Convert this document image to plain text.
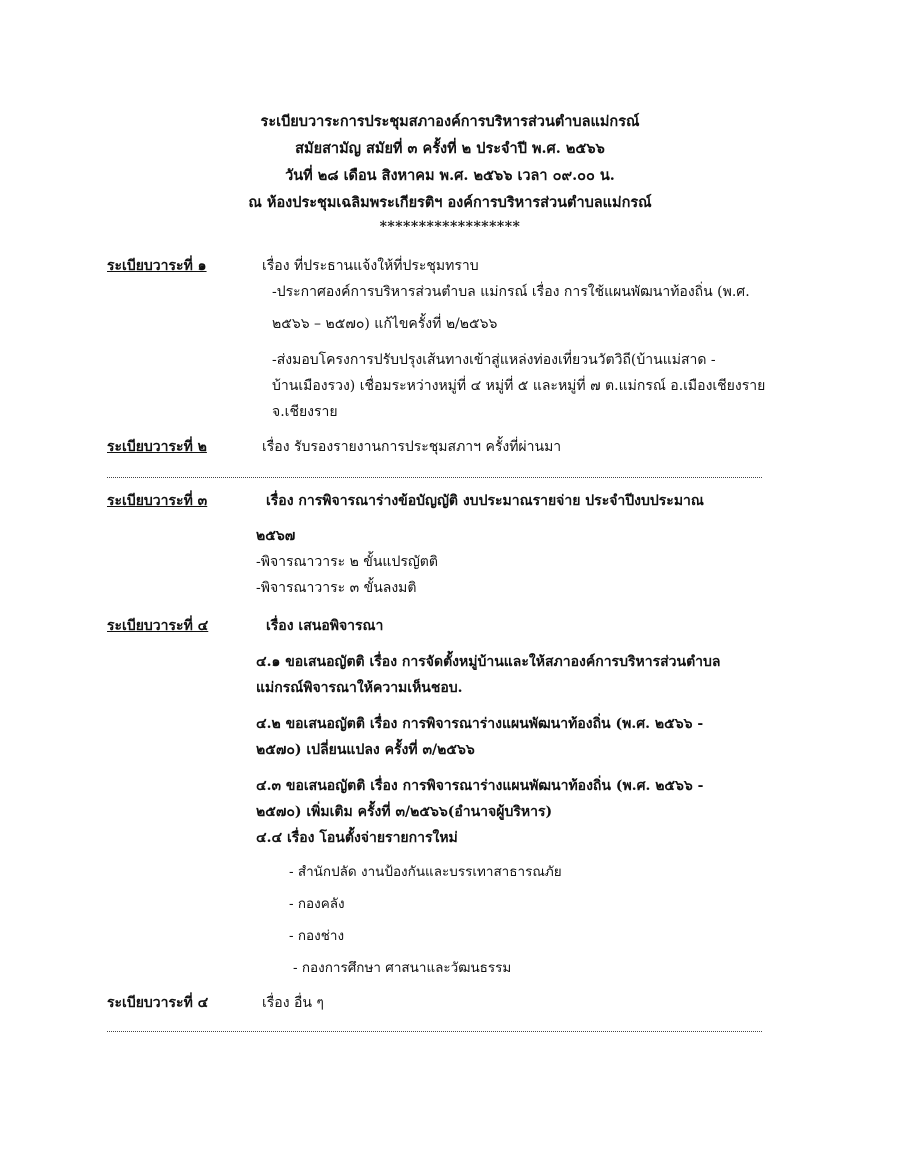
ระเบียบวาระการประชุมสภาองค์การบริหารส่วนตำบลแม่กรณ์
สมัยสามัญ สมัยที่ ๓ ครั้งที่ ๒ ประจำปี พ.ศ. ๒๕๖๖
วันที่ ๒๘ เดือน สิงหาคม พ.ศ. ๒๕๖๖ เวลา ๐๙.๐๐ น.
ณ ห้องประชุมเฉลิมพระเกียรติฯ องค์การบริหารส่วนตำบลแม่กรณ์
******************
ระเบียบวาระที่ ๑	เรื่อง ที่ประธานแจ้งให้ที่ประชุมทราบ
-ประกาศองค์การบริหารส่วนตำบล แม่กรณ์ เรื่อง การใช้แผนพัฒนาท้องถิ่น (พ.ศ.
๒๕๖๖ – ๒๕๗๐) แก้ไขครั้งที่ ๒/๒๕๖๖
-ส่งมอบโครงการปรับปรุงเส้นทางเข้าสู่แหล่งท่องเที่ยวนวัตวิถี(บ้านแม่สาด -
บ้านเมืองรวง) เชื่อมระหว่างหมู่ที่ ๔ หมู่ที่ ๕ และหมู่ที่ ๗ ต.แม่กรณ์ อ.เมืองเชียงราย
จ.เชียงราย
ระเบียบวาระที่ ๒	เรื่อง รับรองรายงานการประชุมสภาฯ ครั้งที่ผ่านมา
ระเบียบวาระที่ ๓	เรื่อง การพิจารณาร่างข้อบัญญัติ งบประมาณรายจ่าย ประจำปีงบประมาณ
๒๕๖๗
-พิจารณาวาระ ๒ ขั้นแปรญัตติ
-พิจารณาวาระ ๓ ขั้นลงมติ
ระเบียบวาระที่ ๔	เรื่อง เสนอพิจารณา
๔.๑ ขอเสนอญัตติ เรื่อง การจัดตั้งหมู่บ้านและให้สภาองค์การบริหารส่วนตำบล
แม่กรณ์พิจารณาให้ความเห็นชอบ.
๔.๒ ขอเสนอญัตติ เรื่อง การพิจารณาร่างแผนพัฒนาท้องถิ่น (พ.ศ. ๒๕๖๖ -
๒๕๗๐) เปลี่ยนแปลง ครั้งที่ ๓/๒๕๖๖
๔.๓ ขอเสนอญัตติ เรื่อง การพิจารณาร่างแผนพัฒนาท้องถิ่น (พ.ศ. ๒๕๖๖ -
๒๕๗๐) เพิ่มเติม ครั้งที่ ๓/๒๕๖๖(อำนาจผู้บริหาร)
๔.๔ เรื่อง โอนตั้งจ่ายรายการใหม่
- สำนักปลัด งานป้องกันและบรรเทาสาธารณภัย
- กองคลัง
- กองช่าง
- กองการศึกษา ศาสนาและวัฒนธรรม
ระเบียบวาระที่ ๔	เรื่อง อื่น ๆ
